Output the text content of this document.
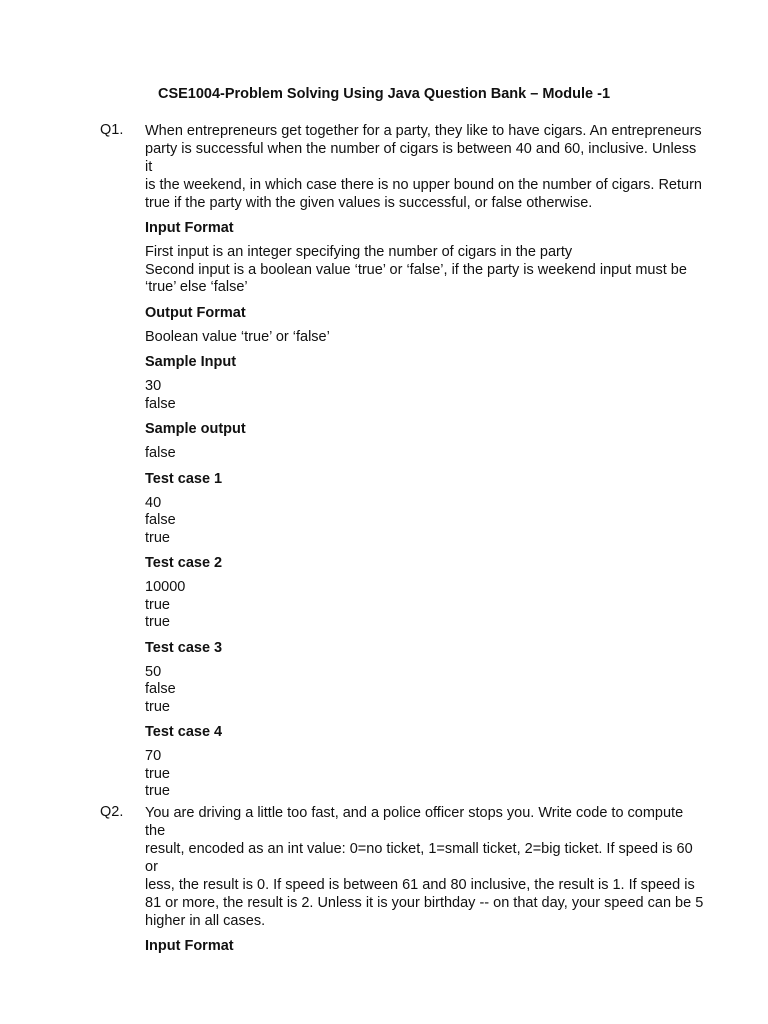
CSE1004-Problem Solving Using Java Question Bank – Module -1
Q1. When entrepreneurs get together for a party, they like to have cigars. An entrepreneurs

party is successful when the number of cigars is between 40 and 60, inclusive. Unless it

is the weekend, in which case there is no upper bound on the number of cigars. Return

true if the party with the given values is successful, or false otherwise.

Input Format

First input is an integer specifying the number of cigars in the party

Second input is a boolean value ‘true’ or ‘false’, if the party is weekend input must be

‘true’ else ‘false’

Output Format

Boolean value ‘true’ or ‘false’

Sample Input

30

false

Sample output

false

Test case 1

40

false

true

Test case 2

10000

true

true

Test case 3

50

false

true

Test case 4

70

true

true

Q2. You are driving a little too fast, and a police officer stops you. Write code to compute the

result, encoded as an int value: 0=no ticket, 1=small ticket, 2=big ticket. If speed is 60 or

less, the result is 0. If speed is between 61 and 80 inclusive, the result is 1. If speed is

81 or more, the result is 2. Unless it is your birthday -- on that day, your speed can be 5

higher in all cases.

Input Format
